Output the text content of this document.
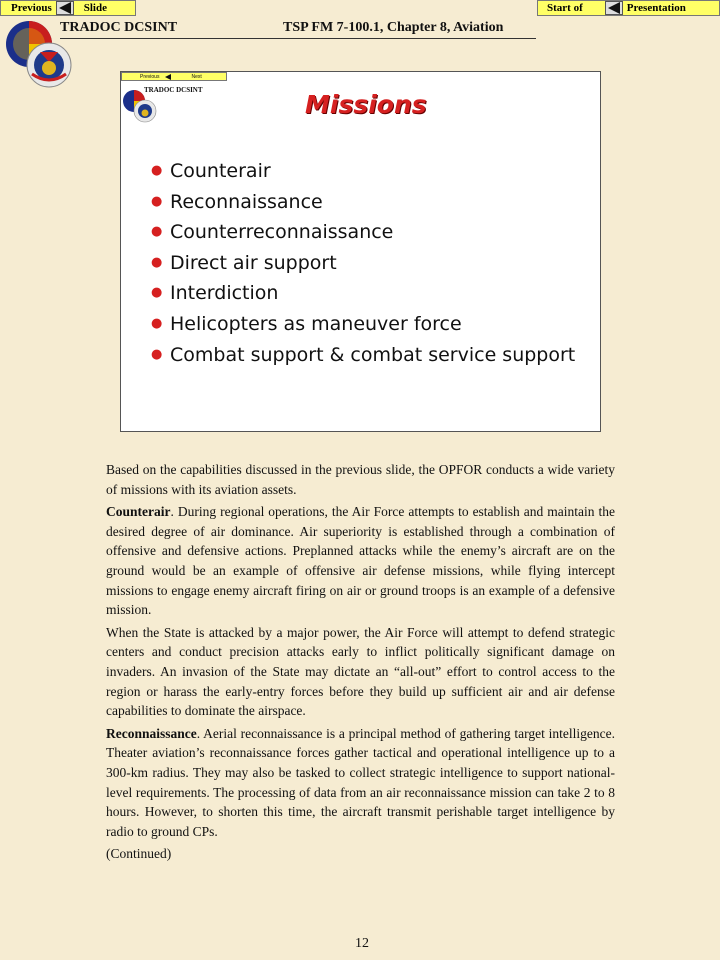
Previous	Slide	Start of	Presentation
TRADOC DCSINT	TSP FM 7-100.1, Chapter 8, Aviation
Previous	Next
TRADOC DCSINT	Missions
● Counterair
● Reconnaissance
● Counterreconnaissance
● Direct air support
● Interdiction
● Helicopters as maneuver force
● Combat support & combat service support

Based on the capabilities discussed in the previous slide, the OPFOR conducts a wide variety of missions with its aviation assets.

Counterair. During regional operations, the Air Force attempts to establish and maintain the desired degree of air dominance. Air superiority is established through a combination of offensive and defensive actions. Preplanned attacks while the enemy’s aircraft are on the ground would be an example of offensive air defense missions, while flying intercept missions to engage enemy aircraft firing on air or ground troops is an example of a defensive mission.

When the State is attacked by a major power, the Air Force will attempt to defend strategic centers and conduct precision attacks early to inflict politically significant damage on invaders. An invasion of the State may dictate an “all-out” effort to control access to the region or harass the early-entry forces before they build up sufficient air and air defense capabilities to dominate the airspace.

Reconnaissance. Aerial reconnaissance is a principal method of gathering target intelligence. Theater aviation’s reconnaissance forces gather tactical and operational intelligence up to a 300-km radius. They may also be tasked to collect strategic intelligence to support national-level requirements. The processing of data from an air reconnaissance mission can take 2 to 8 hours. However, to shorten this time, the aircraft transmit perishable target intelligence by radio to ground CPs.

(Continued)

12
